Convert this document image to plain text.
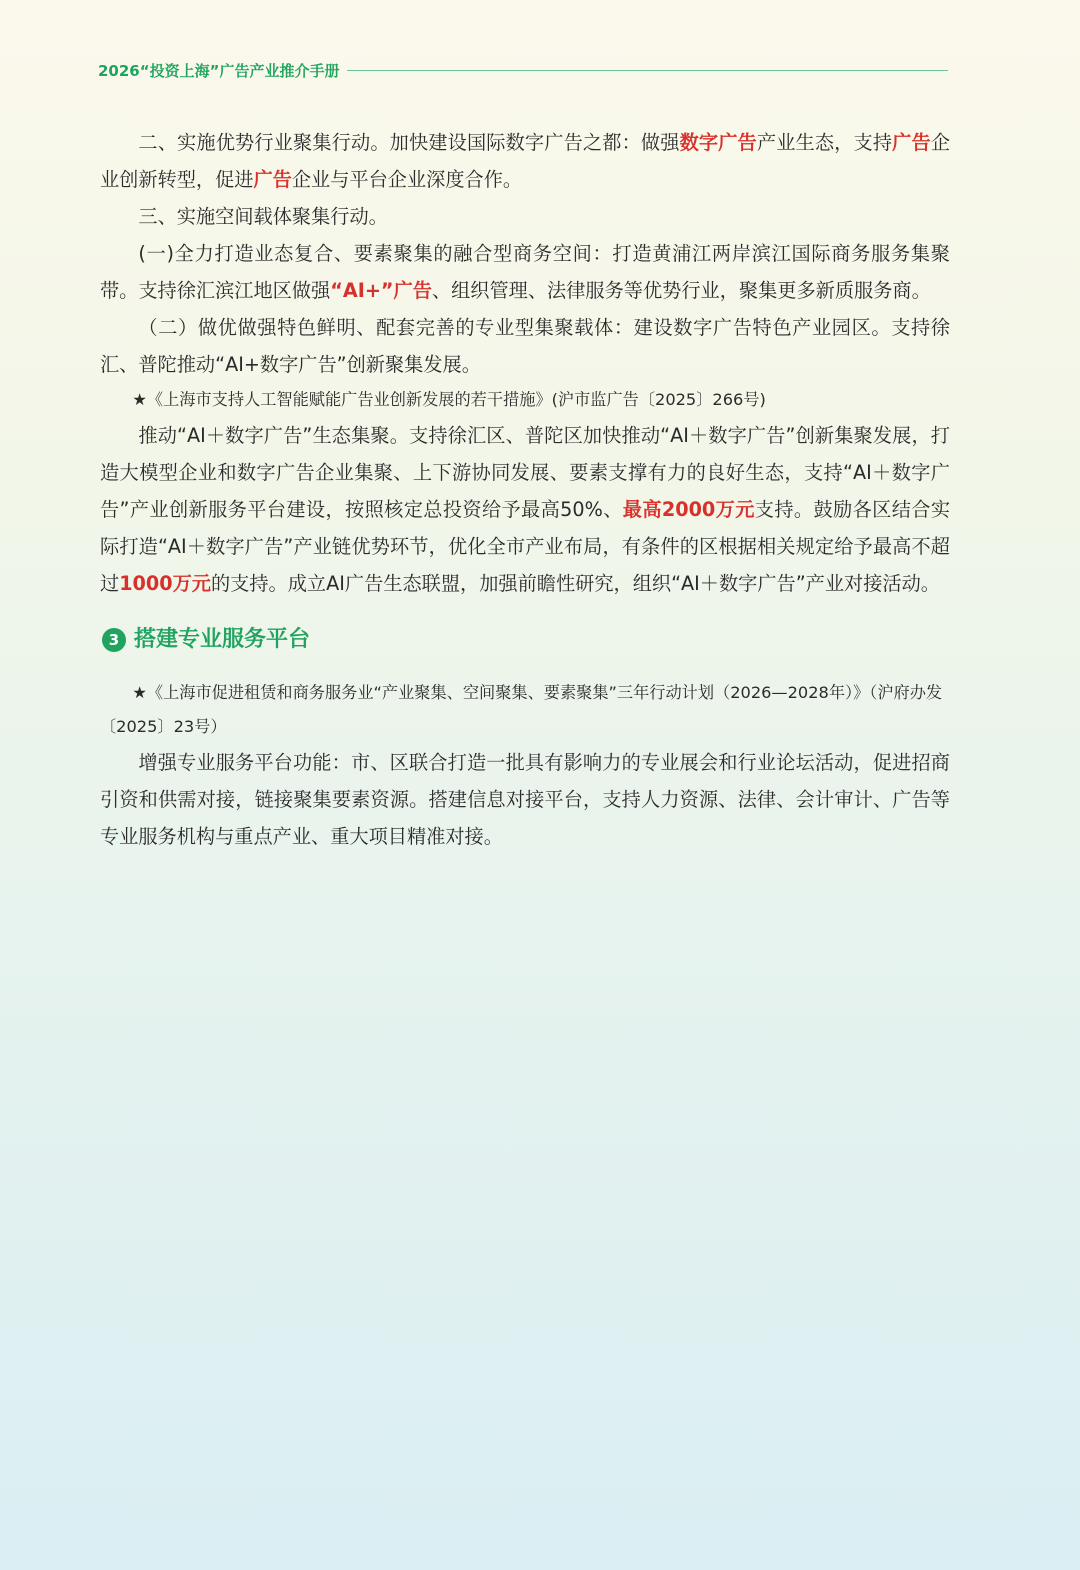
2026“投资上海”广告产业推介手册

二、实施优势行业聚集行动。加快建设国际数字广告之都：做强数字广告产业生态，支持广告企业创新转型，促进广告企业与平台企业深度合作。

三、实施空间载体聚集行动。

(一)全力打造业态复合、要素聚集的融合型商务空间：打造黄浦江两岸滨江国际商务服务集聚带。支持徐汇滨江地区做强“AI+”广告、组织管理、法律服务等优势行业，聚集更多新质服务商。

（二）做优做强特色鲜明、配套完善的专业型集聚载体：建设数字广告特色产业园区。支持徐汇、普陀推动“AI+数字广告”创新聚集发展。

★《上海市支持人工智能赋能广告业创新发展的若干措施》(沪市监广告〔2025〕266号)

推动“AI＋数字广告”生态集聚。支持徐汇区、普陀区加快推动“AI＋数字广告”创新集聚发展，打造大模型企业和数字广告企业集聚、上下游协同发展、要素支撑有力的良好生态，支持“AI＋数字广告”产业创新服务平台建设，按照核定总投资给予最高50%、最高2000万元支持。鼓励各区结合实际打造“AI＋数字广告”产业链优势环节，优化全市产业布局，有条件的区根据相关规定给予最高不超过1000万元的支持。成立AI广告生态联盟，加强前瞻性研究，组织“AI＋数字广告”产业对接活动。

3 搭建专业服务平台

★《上海市促进租赁和商务服务业“产业聚集、空间聚集、要素聚集”三年行动计划（2026—2028年）》（沪府办发〔2025〕23号）

增强专业服务平台功能：市、区联合打造一批具有影响力的专业展会和行业论坛活动，促进招商引资和供需对接，链接聚集要素资源。搭建信息对接平台，支持人力资源、法律、会计审计、广告等专业服务机构与重点产业、重大项目精准对接。
